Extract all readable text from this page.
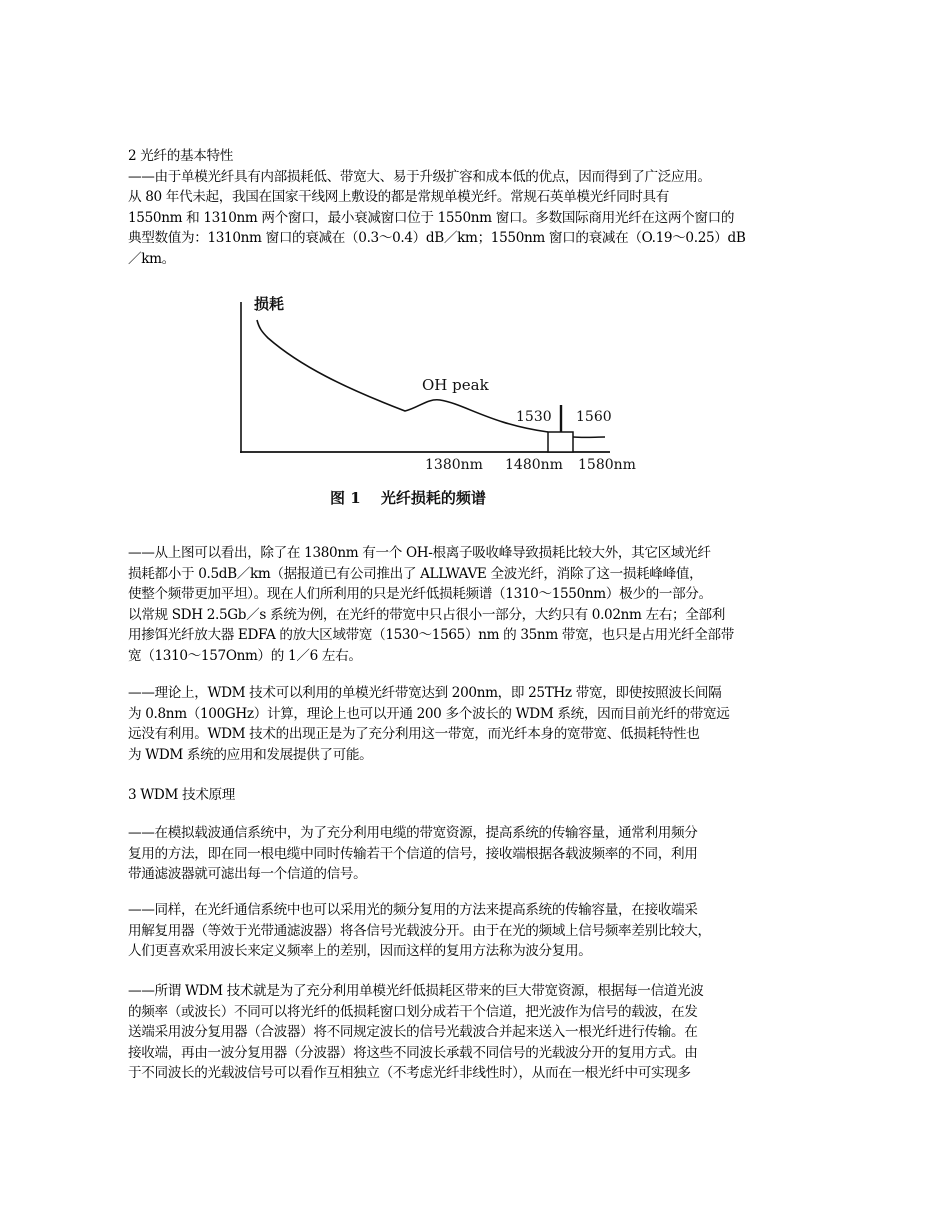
2 光纤的基本特性
——由于单模光纤具有内部损耗低、带宽大、易于升级扩容和成本低的优点，因而得到了广泛应用。
从 80 年代未起，我国在国家干线网上敷设的都是常规单模光纤。常规石英单模光纤同时具有
1550nm 和 1310nm 两个窗口，最小衰减窗口位于 1550nm 窗口。多数国际商用光纤在这两个窗口的
典型数值为：1310nm 窗口的衰减在（0.3～0.4）dB／km；1550nm 窗口的衰减在（O.19～0.25）dB
／km。
损耗
OH peak
1530 1560
1380nm 1480nm 1580nm
图 1　 光纤损耗的频谱
——从上图可以看出，除了在 1380nm 有一个 OH-根离子吸收峰导致损耗比较大外，其它区域光纤
损耗都小于 0.5dB／km（据报道已有公司推出了 ALLWAVE 全波光纤，消除了这一损耗峰峰值，
使整个频带更加平坦）。现在人们所利用的只是光纤低损耗频谱（1310～1550nm）极少的一部分。
以常规 SDH 2.5Gb／s 系统为例，在光纤的带宽中只占很小一部分，大约只有 0.02nm 左右；全部利
用掺饵光纤放大器 EDFA 的放大区域带宽（1530～1565）nm 的 35nm 带宽，也只是占用光纤全部带
宽（1310～157Onm）的 1／6 左右。
——理论上，WDM 技术可以利用的单模光纤带宽达到 200nm，即 25THz 带宽，即使按照波长间隔
为 0.8nm（100GHz）计算，理论上也可以开通 200 多个波长的 WDM 系统，因而目前光纤的带宽远
远没有利用。WDM 技术的出现正是为了充分利用这一带宽，而光纤本身的宽带宽、低损耗特性也
为 WDM 系统的应用和发展提供了可能。
3 WDM 技术原理
——在模拟载波通信系统中，为了充分利用电缆的带宽资源，提高系统的传输容量，通常利用频分
复用的方法，即在同一根电缆中同时传输若干个信道的信号，接收端根据各载波频率的不同，利用
带通滤波器就可滤出每一个信道的信号。
——同样，在光纤通信系统中也可以采用光的频分复用的方法来提高系统的传输容量，在接收端采
用解复用器（等效于光带通滤波器）将各信号光载波分开。由于在光的频域上信号频率差别比较大，
人们更喜欢采用波长来定义频率上的差别，因而这样的复用方法称为波分复用。
——所谓 WDM 技术就是为了充分利用单模光纤低损耗区带来的巨大带宽资源，根据每一信道光波
的频率（或波长）不同可以将光纤的低损耗窗口划分成若干个信道，把光波作为信号的载波，在发
送端采用波分复用器（合波器）将不同规定波长的信号光载波合并起来送入一根光纤进行传输。在
接收端，再由一波分复用器（分波器）将这些不同波长承载不同信号的光载波分开的复用方式。由
于不同波长的光载波信号可以看作互相独立（不考虑光纤非线性时），从而在一根光纤中可实现多
